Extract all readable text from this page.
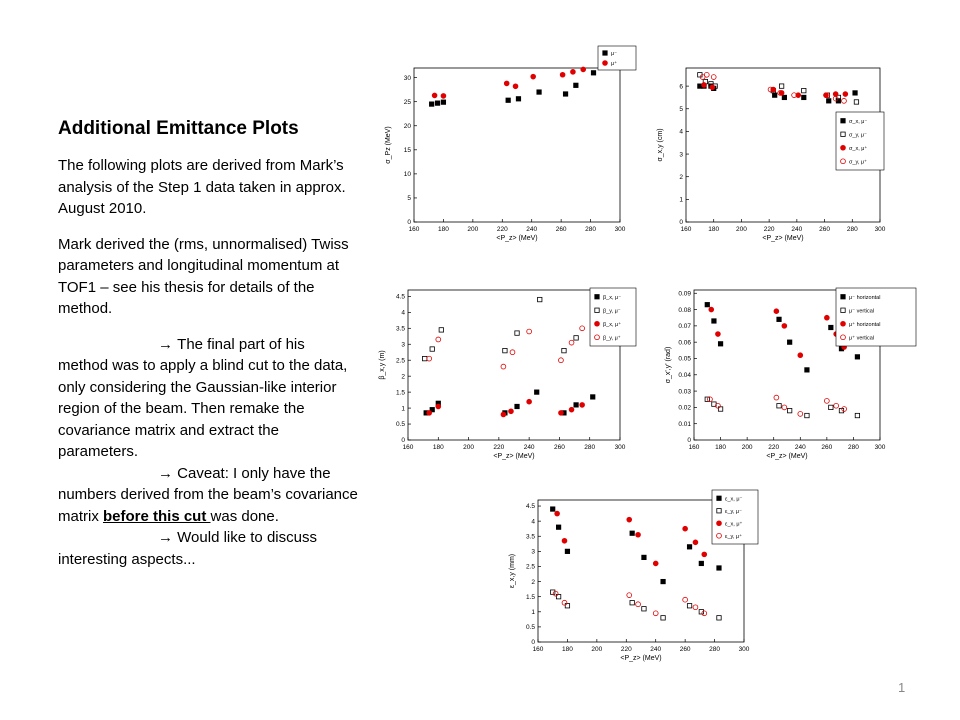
Additional Emittance Plots

The following plots are derived from Mark’s analysis of the Step 1 data taken in approx. August 2010.

Mark derived the (rms, unnormalised) Twiss parameters and longitudinal momentum at TOF1 – see his thesis for details of the method.

→ The final part of his method was to apply a blind cut to the data, only considering the Gaussian-like interior region of the beam. Then remake the covariance matrix and extract the parameters.
→ Caveat: I only have the numbers derived from the beam’s covariance matrix before this cut was done.
→ Would like to discuss interesting aspects...
1
160	180	200	220	240	260	280	300
0
5
10
15
20
25
30
<P_z> (MeV)
σ_Pz (MeV)
μ⁻
μ⁺
160	180	200	220	240	260	280	300
0
1
2
3
4
5
6
<P_z> (MeV)
σ_x,y (cm)
σ_x, μ⁻
σ_y, μ⁻
σ_x, μ⁺
σ_y, μ⁺
160	180	200	220	240	260	280	300
0
0.5
1
1.5
2
2.5
3
3.5
4
4.5
<P_z> (MeV)
β_x,y (m)
β_x, μ⁻
β_y, μ⁻
β_x, μ⁺
β_y, μ⁺
160 180 200 220 240 260 280 300
0
0.01
0.02
0.03
0.04
0.05
0.06
0.07
0.08
0.09
<P_z> (MeV)
σ_x',y' (rad)
μ⁻ horizontal
μ⁻ vertical
μ⁺ horizontal
μ⁺ vertical
160	180	200	220	240	260	280	300
0
0.5
1
1.5
2
2.5
3
3.5
4
4.5
<P_z> (MeV)
ε_x,y (mm)
ε_x, μ⁻
ε_y, μ⁻
ε_x, μ⁺
ε_y, μ⁺
